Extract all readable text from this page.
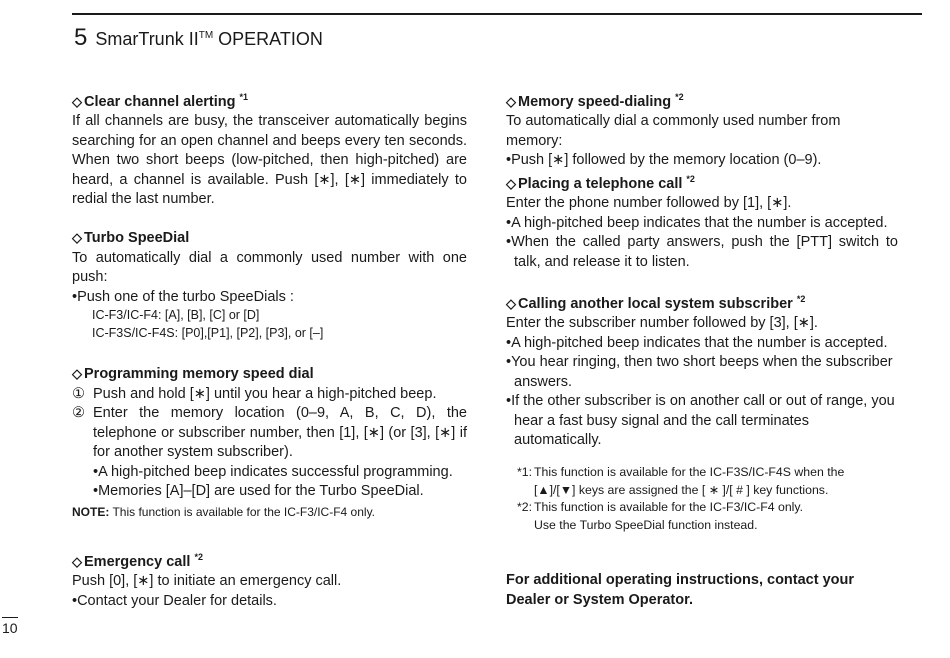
5 SmarTrunk II™ OPERATION
◇ Clear channel alerting $^{*1}$

If all channels are busy, the transceiver automatically begins searching for an open channel and beeps every ten seconds. When two short beeps (low-pitched, then high-pitched) are heard, a channel is available. Push [∗], [∗] immediately to redial the last number.

◇ Turbo SpeeDial

To automatically dial a commonly used number with one push:

•Push one of the turbo SpeeDials :

IC-F3/IC-F4: [A], [B], [C] or [D]

IC-F3S/IC-F4S: [P0],[P1], [P2], [P3], or [–]

◇ Programming memory speed dial
① Push and hold [∗] until you hear a high-pitched beep.
② Enter the memory location (0–9, A, B, C, D), the telephone or subscriber number, then [1], [∗] (or [3], [∗] if for another system subscriber).

•A high-pitched beep indicates successful programming.

•Memories [A]–[D] are used for the Turbo SpeeDial.

NOTE: This function is available for the IC-F3/IC-F4 only.

◇ Emergency call $^{*2}$

Push [0], [∗] to initiate an emergency call.

•Contact your Dealer for details.

◇ Memory speed-dialing $^{*2}$

To automatically dial a commonly used number from memory:

•Push [∗] followed by the memory location (0–9).

◇ Placing a telephone call $^{*2}$

Enter the phone number followed by [1], [∗].

•A high-pitched beep indicates that the number is accepted.

•When the called party answers, push the [PTT] switch to talk, and release it to listen.

◇ Calling another local system subscriber $^{*2}$

Enter the subscriber number followed by [3], [∗].

•A high-pitched beep indicates that the number is accepted.

•You hear ringing, then two short beeps when the subscriber answers.

•If the other subscriber is on another call or out of range, you hear a fast busy signal and the call terminates automatically.

*1: This function is available for the IC-F3S/IC-F4S when the

[▲]/[▼] keys are assigned the [ ∗ ]/[ # ] key functions.

*2: This function is available for the IC-F3/IC-F4 only.

Use the Turbo SpeeDial function instead.

For additional operating instructions, contact your Dealer or System Operator.

10
